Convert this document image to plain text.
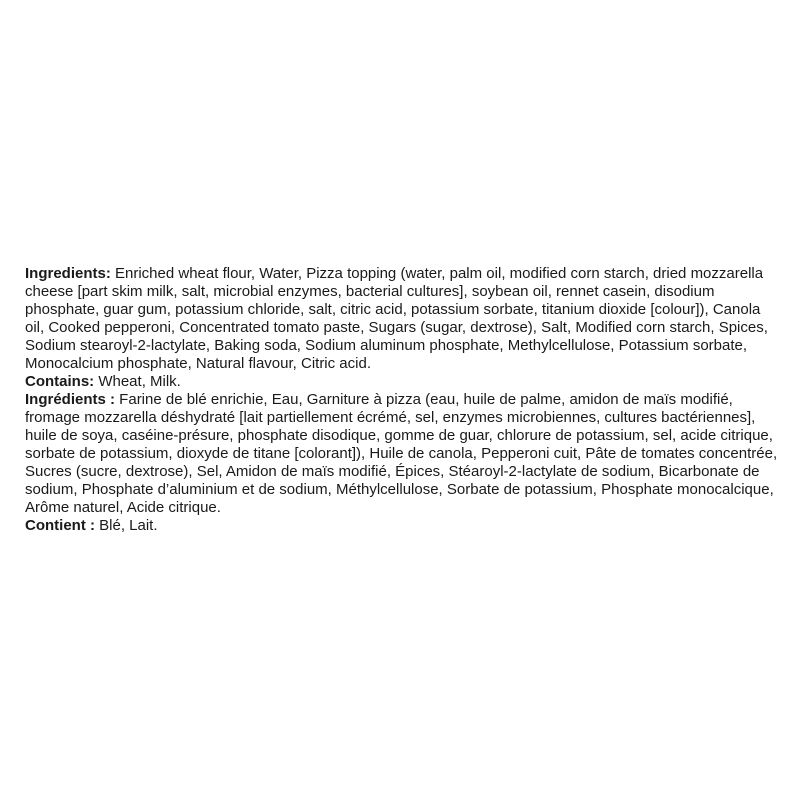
Ingredients: Enriched wheat flour, Water, Pizza topping (water, palm oil, modified corn starch, dried mozzarella cheese [part skim milk, salt, microbial enzymes, bacterial cultures], soybean oil, rennet casein, disodium phosphate, guar gum, potassium chloride, salt, citric acid, potassium sorbate, titanium dioxide [colour]), Canola oil, Cooked pepperoni, Concentrated tomato paste, Sugars (sugar, dextrose), Salt, Modified corn starch, Spices, Sodium stearoyl-2-lactylate, Baking soda, Sodium aluminum phosphate, Methylcellulose, Potassium sorbate, Monocalcium phosphate, Natural flavour, Citric acid.

Contains: Wheat, Milk.

Ingrédients : Farine de blé enrichie, Eau, Garniture à pizza (eau, huile de palme, amidon de maïs modifié, fromage mozzarella déshydraté [lait partiellement écrémé, sel, enzymes microbiennes, cultures bactériennes], huile de soya, caséine-présure, phosphate disodique, gomme de guar, chlorure de potassium, sel, acide citrique, sorbate de potassium, dioxyde de titane [colorant]), Huile de canola, Pepperoni cuit, Pâte de tomates concentrée, Sucres (sucre, dextrose), Sel, Amidon de maïs modifié, Épices, Stéaroyl-2-lactylate de sodium, Bicarbonate de sodium, Phosphate d’aluminium et de sodium, Méthylcellulose, Sorbate de potassium, Phosphate monocalcique, Arôme naturel, Acide citrique.

Contient : Blé, Lait.
